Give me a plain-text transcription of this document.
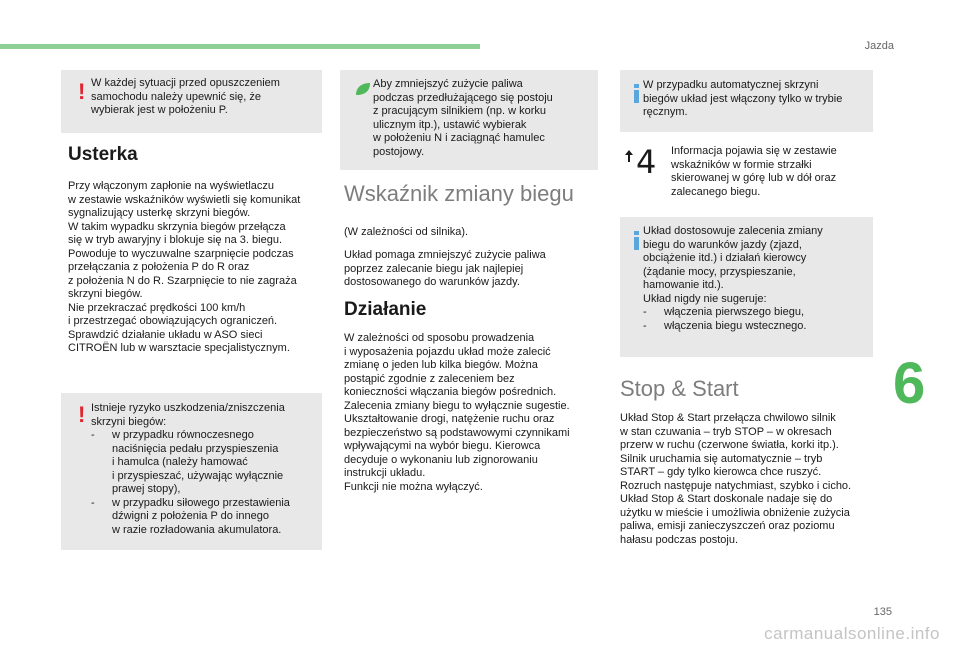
Jazda
! W każdej sytuacji przed opuszczeniem
samochodu należy upewnić się, że
wybierak jest w położeniu P.
Usterka
Przy włączonym zapłonie na wyświetlaczu
w zestawie wskaźników wyświetli się komunikat
sygnalizujący usterkę skrzyni biegów.
W takim wypadku skrzynia biegów przełącza
się w tryb awaryjny i blokuje się na 3. biegu.
Powoduje to wyczuwalne szarpnięcie podczas
przełączania z położenia P do R oraz
z położenia N do R. Szarpnięcie to nie zagraża
skrzyni biegów.
Nie przekraczać prędkości 100 km/h
i przestrzegać obowiązujących ograniczeń.
Sprawdzić działanie układu w ASO sieci
CITROËN lub w warsztacie specjalistycznym.
! Istnieje ryzyko uszkodzenia/zniszczenia
skrzyni biegów:
- w przypadku równoczesnego
naciśnięcia pedału przyspieszenia
i hamulca (należy hamować
i przyspieszać, używając wyłącznie
prawej stopy),
- w przypadku siłowego przestawienia
dźwigni z położenia P do innego
w razie rozładowania akumulatora.
Aby zmniejszyć zużycie paliwa
podczas przedłużającego się postoju
z pracującym silnikiem (np. w korku
ulicznym itp.), ustawić wybierak
w położeniu N i zaciągnąć hamulec
postojowy.
Wskaźnik zmiany biegu
(W zależności od silnika).
Układ pomaga zmniejszyć zużycie paliwa
poprzez zalecanie biegu jak najlepiej
dostosowanego do warunków jazdy.
Działanie
W zależności od sposobu prowadzenia
i wyposażenia pojazdu układ może zalecić
zmianę o jeden lub kilka biegów. Można
postąpić zgodnie z zaleceniem bez
konieczności włączania biegów pośrednich.
Zalecenia zmiany biegu to wyłącznie sugestie.
Ukształtowanie drogi, natężenie ruchu oraz
bezpieczeństwo są podstawowymi czynnikami
wpływającymi na wybór biegu. Kierowca
decyduje o wykonaniu lub zignorowaniu
instrukcji układu.
Funkcji nie można wyłączyć.
W przypadku automatycznej skrzyni
biegów układ jest włączony tylko w trybie
ręcznym.
4 Informacja pojawia się w zestawie
wskaźników w formie strzałki
skierowanej w górę lub w dół oraz
zalecanego biegu.
Układ dostosowuje zalecenia zmiany
biegu do warunków jazdy (zjazd,
obciążenie itd.) i działań kierowcy
(żądanie mocy, przyspieszanie,
hamowanie itd.).
Układ nigdy nie sugeruje:
- włączenia pierwszego biegu,
- włączenia biegu wstecznego.
Stop & Start
Układ Stop & Start przełącza chwilowo silnik
w stan czuwania – tryb STOP – w okresach
przerw w ruchu (czerwone światła, korki itp.).
Silnik uruchamia się automatycznie – tryb
START – gdy tylko kierowca chce ruszyć.
Rozruch następuje natychmiast, szybko i cicho.
Układ Stop & Start doskonale nadaje się do
użytku w mieście i umożliwia obniżenie zużycia
paliwa, emisji zanieczyszczeń oraz poziomu
hałasu podczas postoju.
6
135
carmanualsonline.info
